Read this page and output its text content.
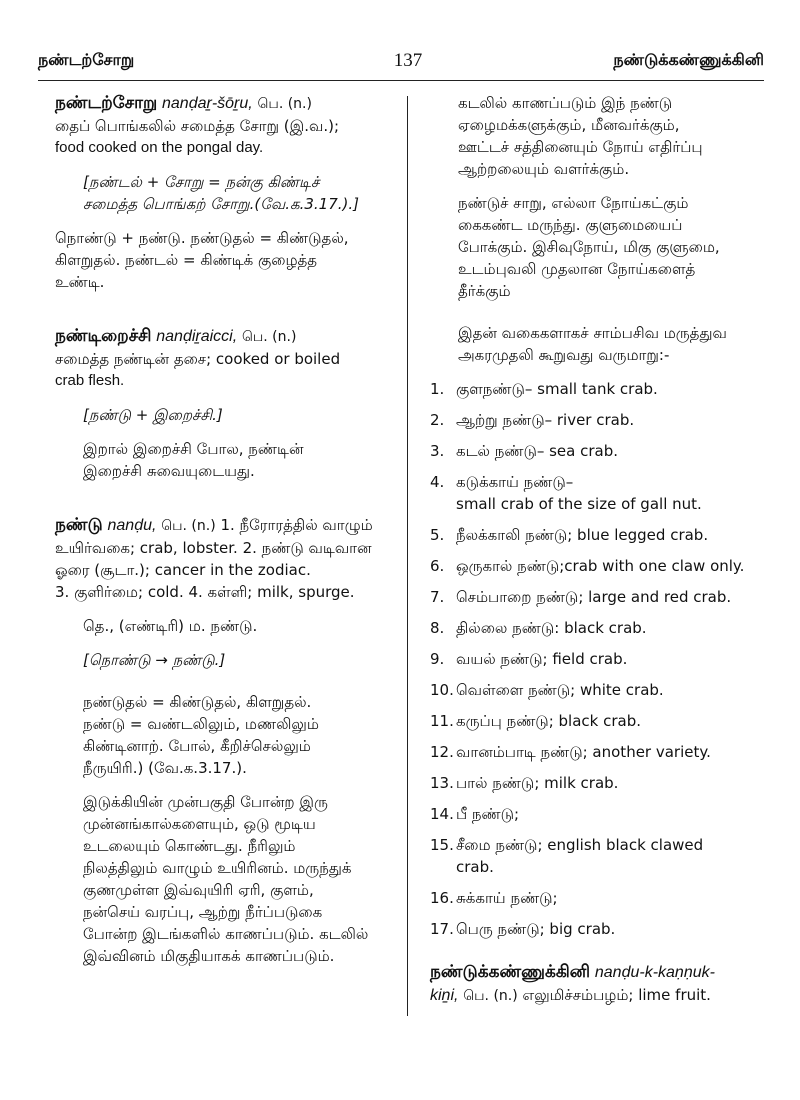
நண்டற்சோறு	137	நண்டுக்கண்ணுக்கினி

நண்டற்சோறு nanḍaṟ-šōṟu, பெ. (n.)

தைப் பொங்கலில் சமைத்த சோறு (இ.வ.);

food cooked on the pongal day.

[நண்டல் + சோறு = நன்கு கிண்டிச்

சமைத்த பொங்கற் சோறு.(வே.க.3.17.).]

நொண்டு + நண்டு. நண்டுதல் = கிண்டுதல்,

கிளறுதல். நண்டல் = கிண்டிக் குழைத்த

உண்டி.

நண்டிறைச்சி nanḍiṟaicci, பெ. (n.)

சமைத்த நண்டின் தசை; cooked or boiled

crab flesh.

[நண்டு + இறைச்சி.]

இறால் இறைச்சி போல, நண்டின்

இறைச்சி சுவையுடையது.

நண்டு nanḍu, பெ. (n.) 1. நீரோரத்தில் வாழும்

உயிர்வகை; crab, lobster. 2. நண்டு வடிவான

ஓரை (சூடா.); cancer in the zodiac.

3. குளிர்மை; cold. 4. கள்ளி; milk, spurge.

தெ., (எண்டிரி) ம. நண்டு.

[நொண்டு → நண்டு.]

நண்டுதல் = கிண்டுதல், கிளறுதல்.

நண்டு = வண்டலிலும், மணலிலும்

கிண்டினாற். போல், கீறிச்செல்லும்

நீருயிரி.) (வே.க.3.17.).

இடுக்கியின் முன்பகுதி போன்ற இரு

முன்னங்கால்களையும், ஒடு மூடிய

உடலையும் கொண்டது. நீரிலும்

நிலத்திலும் வாழும் உயிரினம். மருந்துக்

குணமுள்ள இவ்வுயிரி ஏரி, குளம்,

நன்செய் வரப்பு, ஆற்று நீர்ப்படுகை

போன்ற இடங்களில் காணப்படும். கடலில்

இவ்வினம் மிகுதியாகக் காணப்படும்.

கடலில் காணப்படும் இந் நண்டு

ஏழைமக்களுக்கும், மீனவர்க்கும்,

ஊட்டச் சத்தினையும் நோய் எதிர்ப்பு

ஆற்றலையும் வளர்க்கும்.

நண்டுச் சாறு, எல்லா நோய்கட்கும்

கைகண்ட மருந்து. குளுமையைப்

போக்கும். இசிவுநோய், மிகு குளுமை,

உடம்புவலி முதலான நோய்களைத்

தீர்க்கும்

இதன் வகைகளாகச் சாம்பசிவ மருத்துவ

அகரமுதலி கூறுவது வருமாறு:-

1 .	குளநண்டு– small tank crab.
2 .	ஆற்று நண்டு– river crab.
3 .	கடல் நண்டு– sea crab.
4 .	கடுக்காய் நண்டு–
small crab of the size of gall nut.
5 .	நீலக்காலி நண்டு; blue legged crab.
6 .	ஒருகால் நண்டு;crab with one claw only.
7 .	செம்பாறை நண்டு; large and red crab.
8 .	தில்லை நண்டு: black crab.
9 .	வயல் நண்டு; field crab.
10 . வெள்ளை நண்டு; white crab.
11 . கருப்பு நண்டு; black crab.
12 . வானம்பாடி நண்டு; another variety.
13 . பால் நண்டு; milk crab.
14 . பீ நண்டு;
15 . சீமை நண்டு; english black clawed
crab.
16 . சுக்காய் நண்டு;
17 . பெரு நண்டு; big crab.

நண்டுக்கண்ணுக்கினி nanḍu-k-kaṇṇuk-

kiṉi, பெ. (n.) எலுமிச்சம்பழம்; lime fruit.
